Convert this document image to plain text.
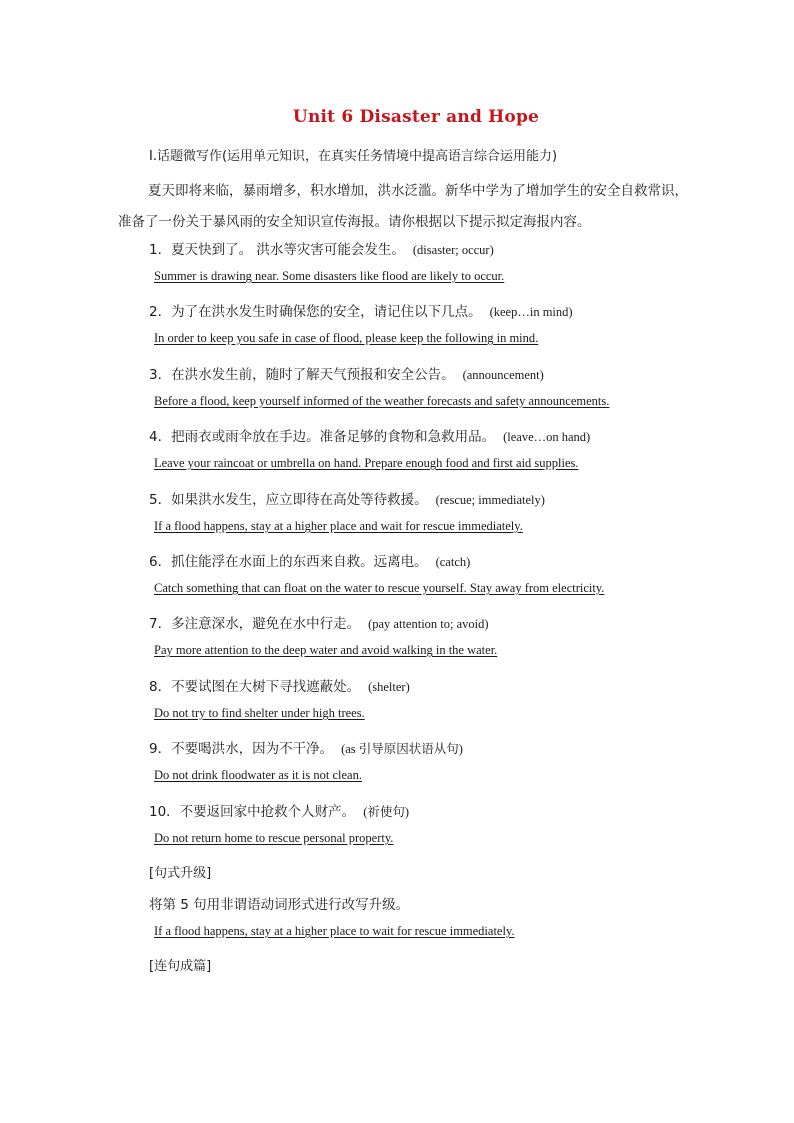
Unit 6 Disaster and Hope
Ⅰ.话题微写作(运用单元知识，在真实任务情境中提高语言综合运用能力)
夏天即将来临，暴雨增多，积水增加，洪水泛滥。新华中学为了增加学生的安全自救常识，准备了一份关于暴风雨的安全知识宣传海报。请你根据以下提示拟定海报内容。
1．夏天快到了。 洪水等灾害可能会发生。 (disaster; occur)
Summer is drawing near. Some disasters like flood are likely to occur.
2．为了在洪水发生时确保您的安全，请记住以下几点。 (keep…in mind)
In order to keep you safe in case of flood, please keep the following in mind.
3．在洪水发生前，随时了解天气预报和安全公告。 (announcement)
Before a flood, keep yourself informed of the weather forecasts and safety announcements.
4．把雨衣或雨伞放在手边。准备足够的食物和急救用品。 (leave…on hand)
Leave your raincoat or umbrella on hand. Prepare enough food and first aid supplies.
5．如果洪水发生，应立即待在高处等待救援。 (rescue; immediately)
If a flood happens, stay at a higher place and wait for rescue immediately.
6．抓住能浮在水面上的东西来自救。远离电。 (catch)
Catch something that can float on the water to rescue yourself. Stay away from electricity.
7．多注意深水，避免在水中行走。 (pay attention to; avoid)
Pay more attention to the deep water and avoid walking in the water.
8．不要试图在大树下寻找遮蔽处。 (shelter)
Do not try to find shelter under high trees.
9．不要喝洪水，因为不干净。 (as 引导原因状语从句)
Do not drink floodwater as it is not clean.
10．不要返回家中抢救个人财产。 (祈使句)
Do not return home to rescue personal property.
[句式升级]
将第 5 句用非谓语动词形式进行改写升级。
If a flood happens, stay at a higher place to wait for rescue immediately.
[连句成篇]
